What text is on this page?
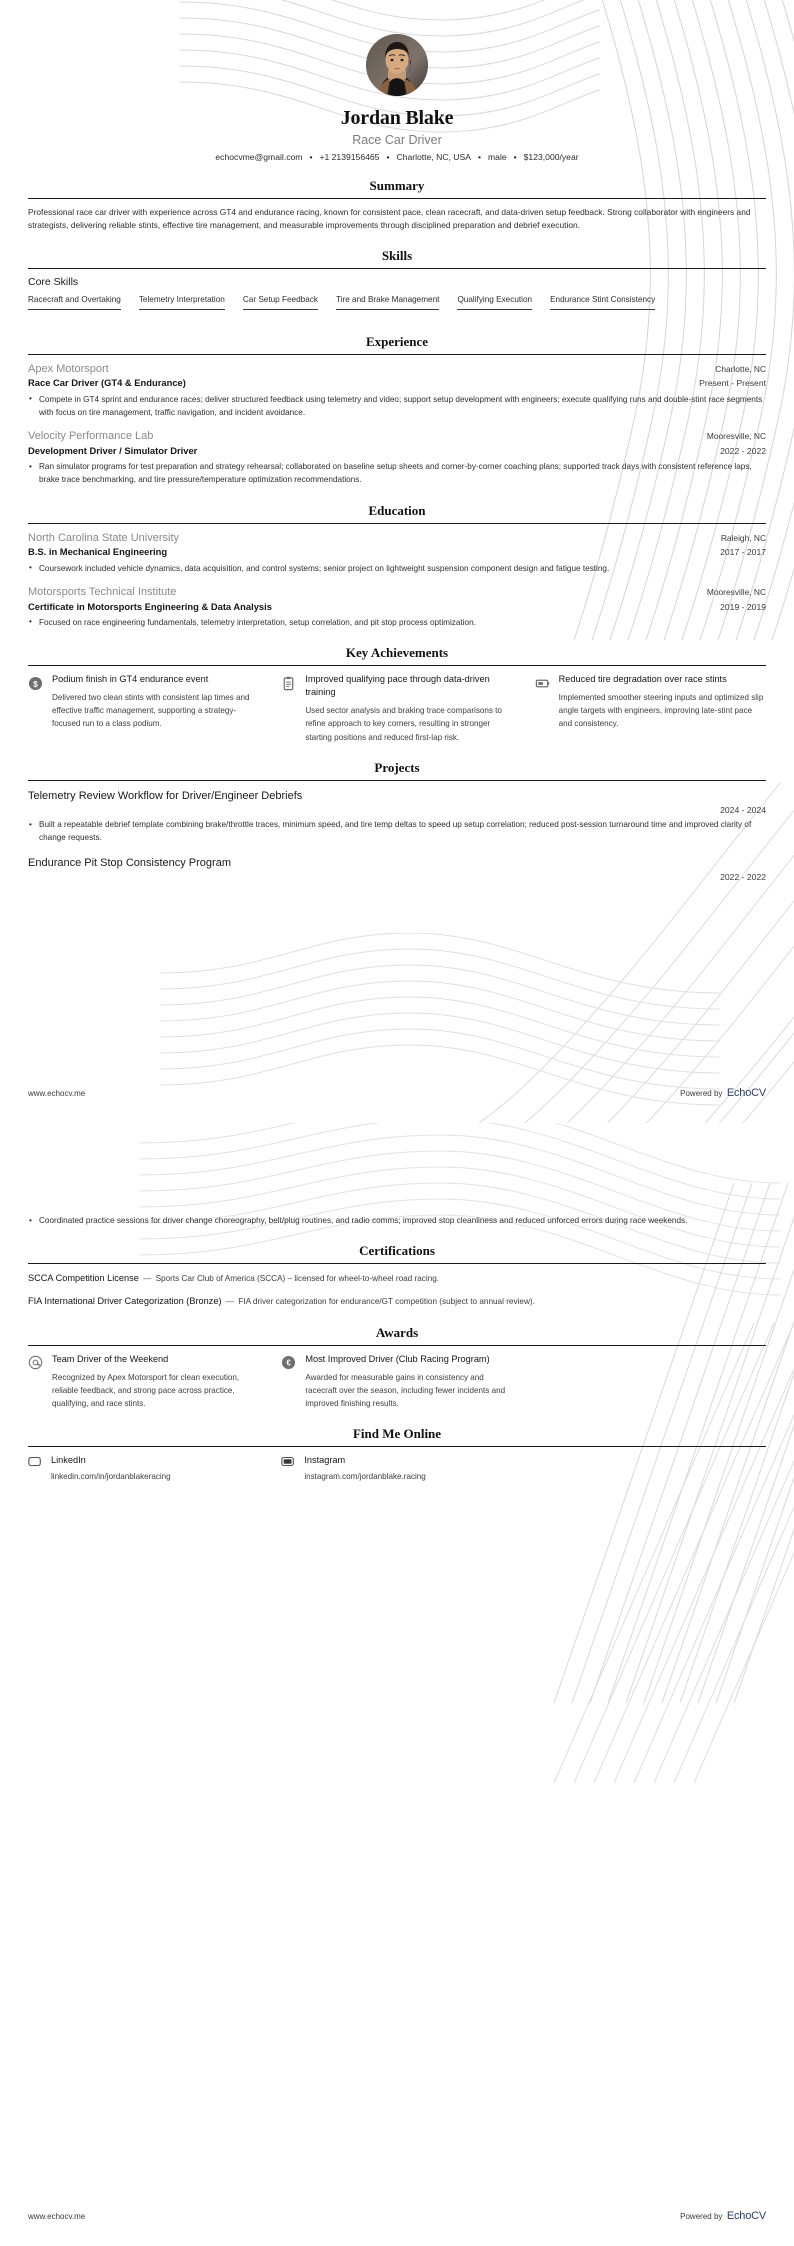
Jordan Blake
Race Car Driver
echocvme@gmail.com • +1 2139156465 • Charlotte, NC, USA • male • $123,000/year
Summary

Professional race car driver with experience across GT4 and endurance racing, known for consistent pace, clean racecraft, and data-driven setup feedback. Strong collaborator with engineers and strategists, delivering reliable stints, effective tire management, and measurable improvements through disciplined preparation and debrief execution.

Skills
Core Skills
Racecraft and Overtaking Telemetry Interpretation Car Setup Feedback Tire and Brake Management Qualifying Execution Endurance Stint Consistency
Experience
Apex Motorsport	Charlotte, NC
Race Car Driver (GT4 & Endurance)	Present - Present
• Compete in GT4 sprint and endurance races; deliver structured feedback using telemetry and video; support setup development with engineers; execute qualifying runs and double-stint race segments with focus on tire management, traffic navigation, and incident avoidance.
Velocity Performance Lab	Mooresville, NC
Development Driver / Simulator Driver	2022 - 2022
• Ran simulator programs for test preparation and strategy rehearsal; collaborated on baseline setup sheets and corner-by-corner coaching plans; supported track days with consistent reference laps, brake trace benchmarking, and tire pressure/temperature optimization recommendations.
Education
North Carolina State University	Raleigh, NC
B.S. in Mechanical Engineering	2017 - 2017
• Coursework included vehicle dynamics, data acquisition, and control systems; senior project on lightweight suspension component design and fatigue testing.
Motorsports Technical Institute	Mooresville, NC
Certificate in Motorsports Engineering & Data Analysis	2019 - 2019
• Focused on race engineering fundamentals, telemetry interpretation, setup correlation, and pit stop process optimization.
Key Achievements
$ Podium finish in GT4 endurance event
Delivered two clean stints with consistent lap times and effective traffic management, supporting a strategy-focused run to a class podium.
Improved qualifying pace through data-driven training
Used sector analysis and braking trace comparisons to refine approach to key corners, resulting in stronger starting positions and reduced first-lap risk.
Reduced tire degradation over race stints
Implemented smoother steering inputs and optimized slip angle targets with engineers, improving late-stint pace and consistency.
Projects
Telemetry Review Workflow for Driver/Engineer Debriefs
2024 - 2024
• Built a repeatable debrief template combining brake/throttle traces, minimum speed, and tire temp deltas to speed up setup correlation; reduced post-session turnaround time and improved clarity of change requests.
Endurance Pit Stop Consistency Program
2022 - 2022
www.echocv.me	Powered by EchoCV
• Coordinated practice sessions for driver change choreography, belt/plug routines, and radio comms; improved stop cleanliness and reduced unforced errors during race weekends.
Certifications
SCCA Competition License — Sports Car Club of America (SCCA) – licensed for wheel-to-wheel road racing.
FIA International Driver Categorization (Bronze) — FIA driver categorization for endurance/GT competition (subject to annual review).
Awards
Team Driver of the Weekend
Recognized by Apex Motorsport for clean execution, reliable feedback, and strong pace across practice, qualifying, and race stints.
€ Most Improved Driver (Club Racing Program)
Awarded for measurable gains in consistency and racecraft over the season, including fewer incidents and improved finishing results.
Find Me Online
LinkedIn
linkedin.com/in/jordanblakeracing
Instagram
instagram.com/jordanblake.racing
www.echocv.me	Powered by EchoCV
